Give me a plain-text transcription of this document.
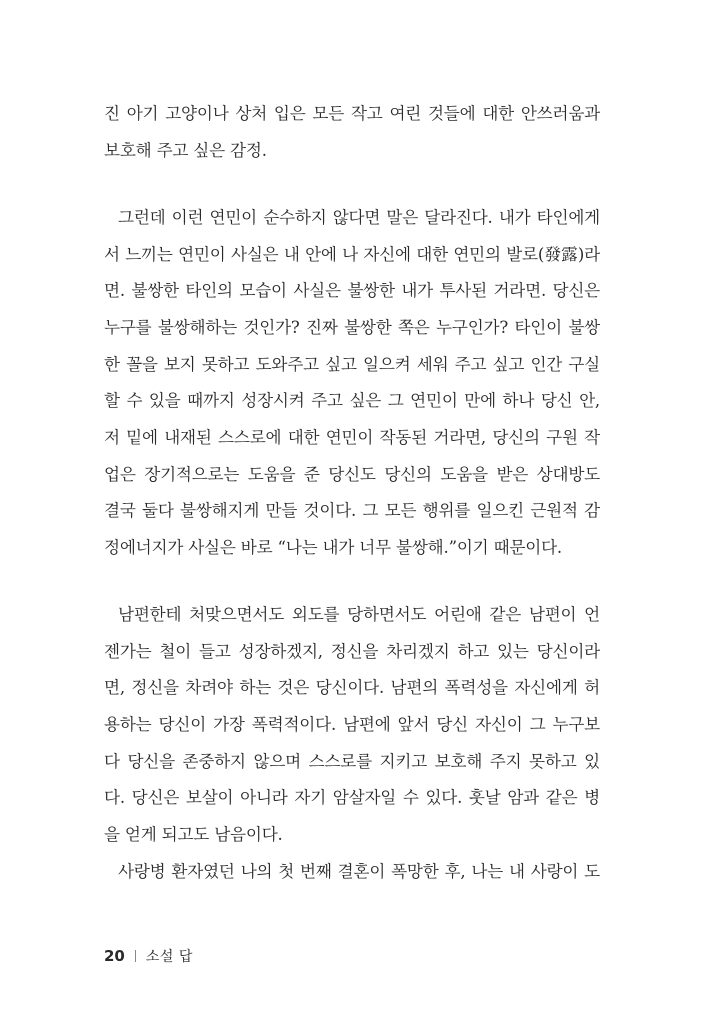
진 아기 고양이나 상처 입은 모든 작고 여린 것들에 대한 안쓰러움과
보호해 주고 싶은 감정.
그런데 이런 연민이 순수하지 않다면 말은 달라진다. 내가 타인에게
서 느끼는 연민이 사실은 내 안에 나 자신에 대한 연민의 발로(發露)라
면. 불쌍한 타인의 모습이 사실은 불쌍한 내가 투사된 거라면. 당신은
누구를 불쌍해하는 것인가? 진짜 불쌍한 쪽은 누구인가? 타인이 불쌍
한 꼴을 보지 못하고 도와주고 싶고 일으켜 세워 주고 싶고 인간 구실
할 수 있을 때까지 성장시켜 주고 싶은 그 연민이 만에 하나 당신 안,
저 밑에 내재된 스스로에 대한 연민이 작동된 거라면, 당신의 구원 작
업은 장기적으로는 도움을 준 당신도 당신의 도움을 받은 상대방도
결국 둘다 불쌍해지게 만들 것이다. 그 모든 행위를 일으킨 근원적 감
정에너지가 사실은 바로 “나는 내가 너무 불쌍해.”이기 때문이다.
남편한테 처맞으면서도 외도를 당하면서도 어린애 같은 남편이 언
젠가는 철이 들고 성장하겠지, 정신을 차리겠지 하고 있는 당신이라
면, 정신을 차려야 하는 것은 당신이다. 남편의 폭력성을 자신에게 허
용하는 당신이 가장 폭력적이다. 남편에 앞서 당신 자신이 그 누구보
다 당신을 존중하지 않으며 스스로를 지키고 보호해 주지 못하고 있
다. 당신은 보살이 아니라 자기 암살자일 수 있다. 훗날 암과 같은 병
을 얻게 되고도 남음이다.
사랑병 환자였던 나의 첫 번째 결혼이 폭망한 후, 나는 내 사랑이 도
20 소설 답
